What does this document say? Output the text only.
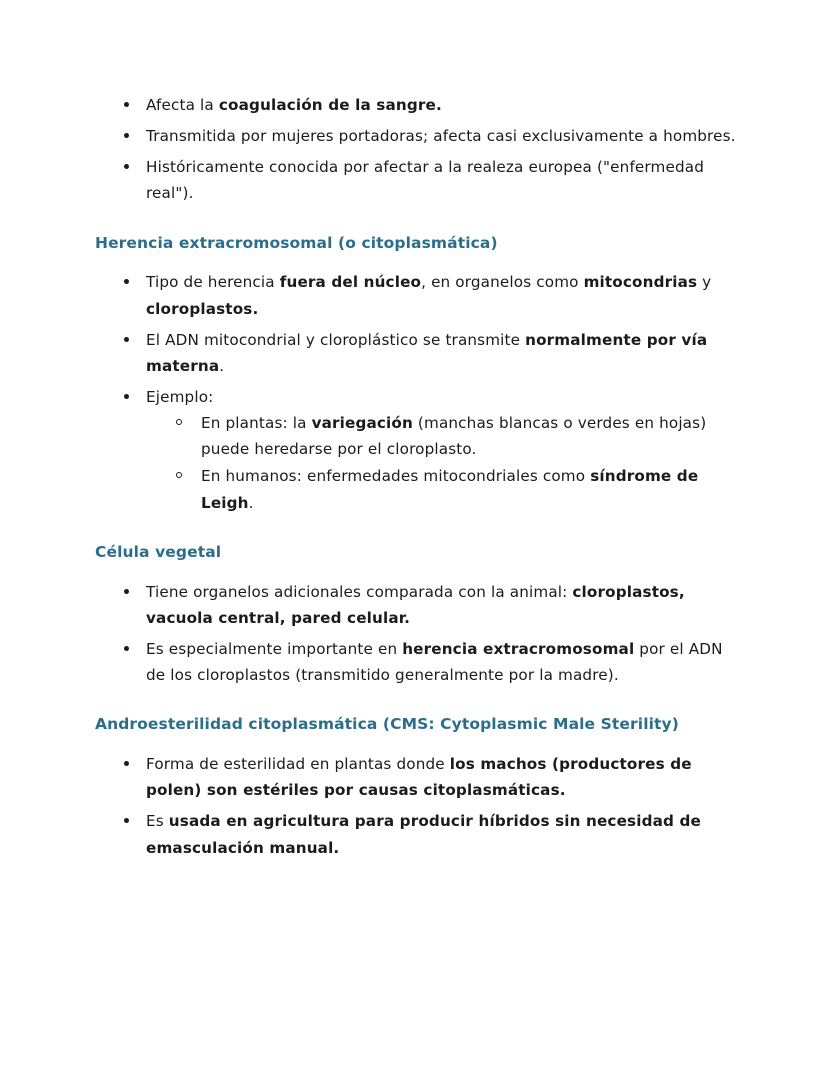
Afecta la coagulación de la sangre.
Transmitida por mujeres portadoras; afecta casi exclusivamente a hombres.
Históricamente conocida por afectar a la realeza europea ("enfermedad real").
Herencia extracromosomal (o citoplasmática)
Tipo de herencia fuera del núcleo, en organelos como mitocondrias y cloroplastos.
El ADN mitocondrial y cloroplástico se transmite normalmente por vía materna.
Ejemplo:
En plantas: la variegación (manchas blancas o verdes en hojas) puede heredarse por el cloroplasto.
En humanos: enfermedades mitocondriales como síndrome de Leigh.
Célula vegetal
Tiene organelos adicionales comparada con la animal: cloroplastos, vacuola central, pared celular.
Es especialmente importante en herencia extracromosomal por el ADN de los cloroplastos (transmitido generalmente por la madre).
Androesterilidad citoplasmática (CMS: Cytoplasmic Male Sterility)
Forma de esterilidad en plantas donde los machos (productores de polen) son estériles por causas citoplasmáticas.
Es usada en agricultura para producir híbridos sin necesidad de emasculación manual.
